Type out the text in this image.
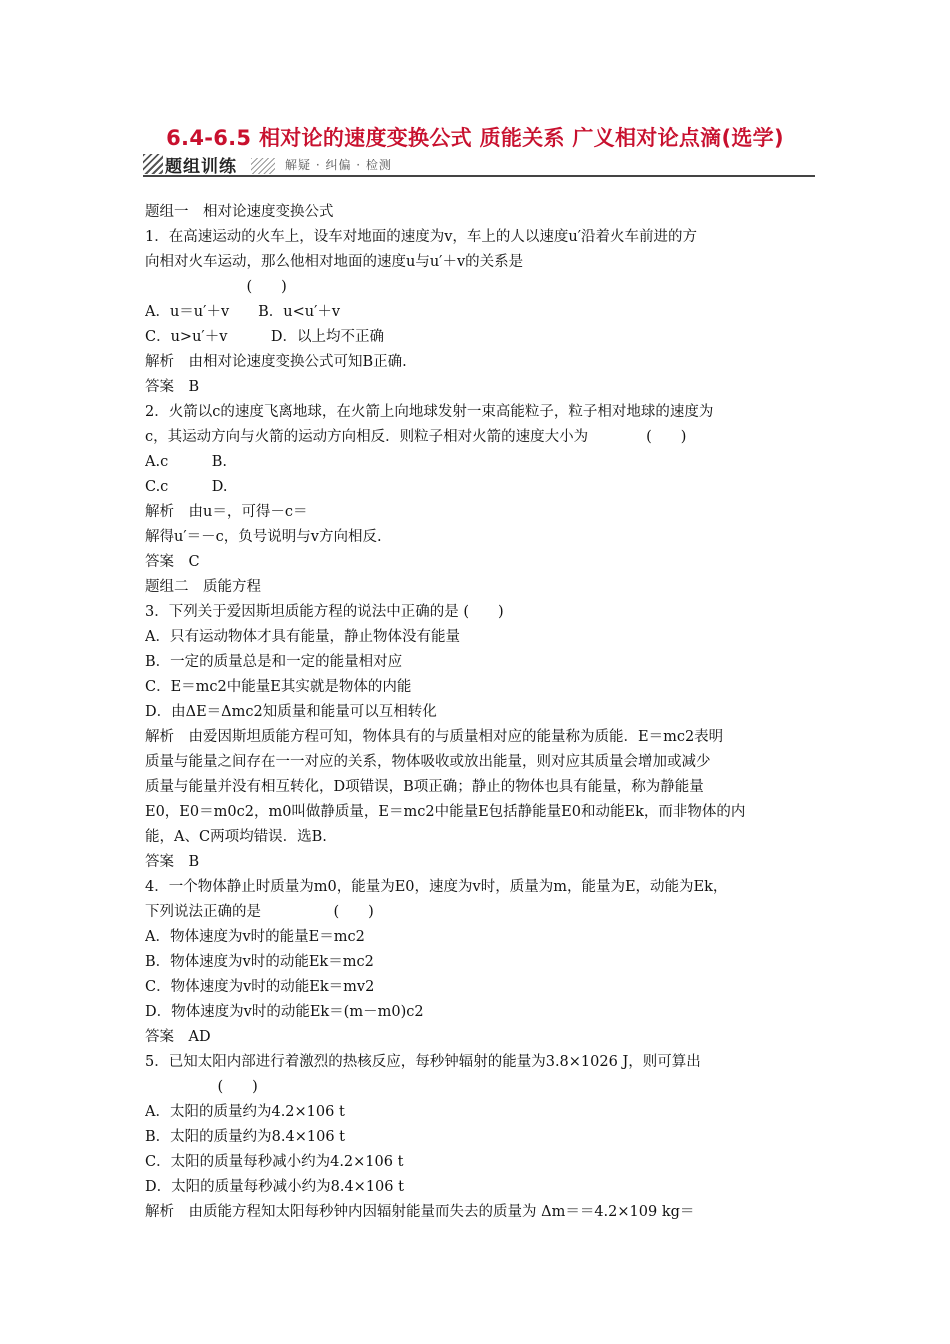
6.4-6.5 相对论的速度变换公式 质能关系 广义相对论点滴(选学)
题组训练	解疑 · 纠偏 · 检测
题组一　相对论速度变换公式
1．在高速运动的火车上，设车对地面的速度为v，车上的人以速度u′沿着火车前进的方
向相对火车运动，那么他相对地面的速度u与u′＋v的关系是
　　　　　　　(　　)
A．u＝u′＋v　　B．u<u′＋v
C．u>u′＋v　　　D．以上均不正确
解析　由相对论速度变换公式可知B正确.
答案　B
2．火箭以c的速度飞离地球，在火箭上向地球发射一束高能粒子，粒子相对地球的速度为
c，其运动方向与火箭的运动方向相反．则粒子相对火箭的速度大小为　　　　(　　)
A.c　　　B.
C.c　　　D.
解析　由u＝，可得－c＝
解得u′＝－c，负号说明与v方向相反.
答案　C
题组二　质能方程
3．下列关于爱因斯坦质能方程的说法中正确的是 (　　)
A．只有运动物体才具有能量，静止物体没有能量
B．一定的质量总是和一定的能量相对应
C．E＝mc2中能量E其实就是物体的内能
D．由ΔE＝Δmc2知质量和能量可以互相转化
解析　由爱因斯坦质能方程可知，物体具有的与质量相对应的能量称为质能．E＝mc2表明
质量与能量之间存在一一对应的关系，物体吸收或放出能量，则对应其质量会增加或减少
质量与能量并没有相互转化，D项错误，B项正确；静止的物体也具有能量，称为静能量
E0，E0＝m0c2，m0叫做静质量，E＝mc2中能量E包括静能量E0和动能Ek，而非物体的内
能，A、C两项均错误．选B.
答案　B
4．一个物体静止时质量为m0，能量为E0，速度为v时，质量为m，能量为E，动能为Ek，
下列说法正确的是　　　　　(　　)
A．物体速度为v时的能量E＝mc2
B．物体速度为v时的动能Ek＝mc2
C．物体速度为v时的动能Ek＝mv2
D．物体速度为v时的动能Ek＝(m－m0)c2
答案　AD
5．已知太阳内部进行着激烈的热核反应，每秒钟辐射的能量为3.8×1026 J，则可算出
　　　　　(　　)
A．太阳的质量约为4.2×106 t
B．太阳的质量约为8.4×106 t
C．太阳的质量每秒减小约为4.2×106 t
D．太阳的质量每秒减小约为8.4×106 t
解析　由质能方程知太阳每秒钟内因辐射能量而失去的质量为 Δm＝＝4.2×109 kg＝
